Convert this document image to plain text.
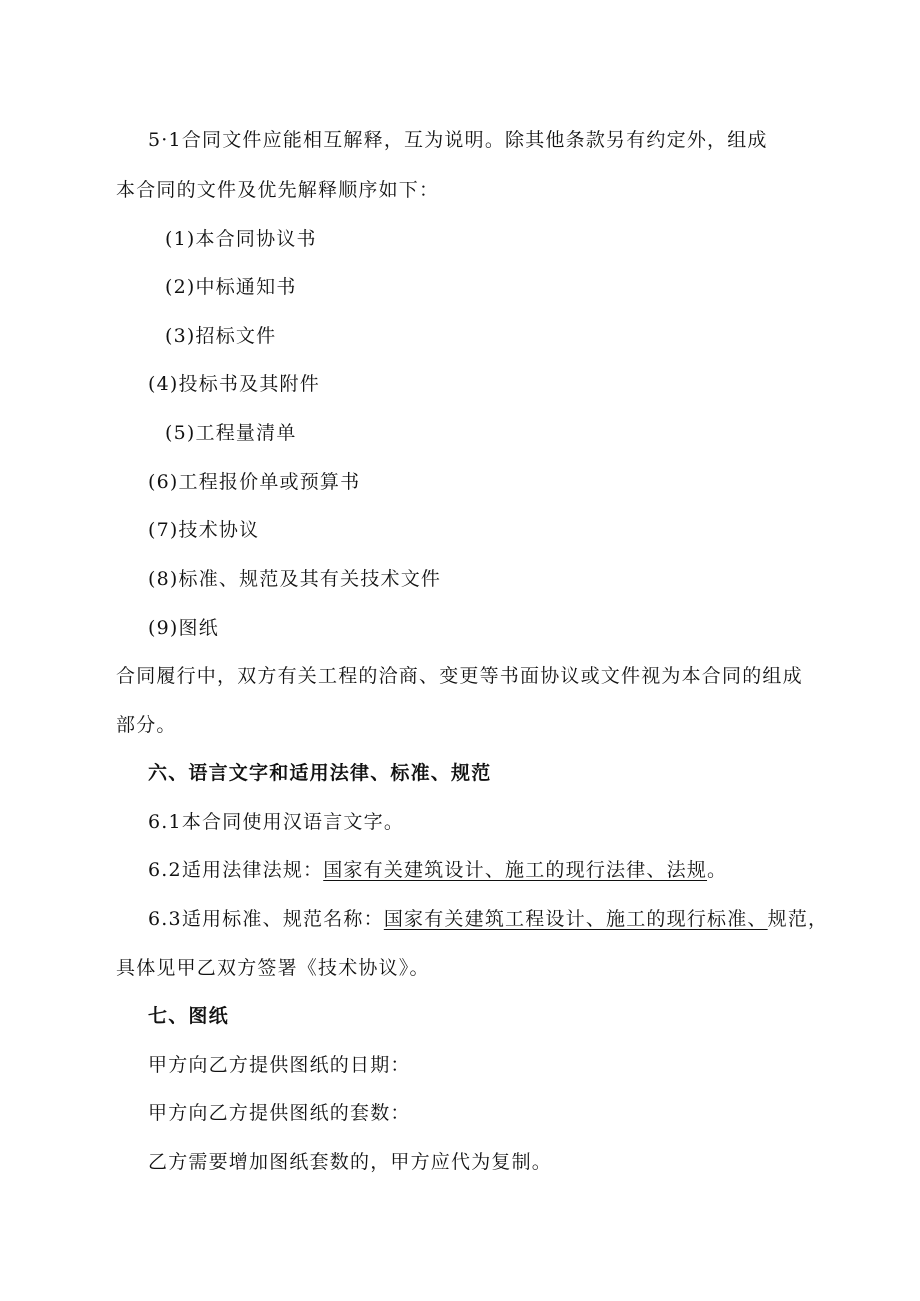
5·1合同文件应能相互解释，互为说明。除其他条款另有约定外，组成
本合同的文件及优先解释顺序如下：
(1)本合同协议书
(2)中标通知书
(3)招标文件
(4)投标书及其附件
(5)工程量清单
(6)工程报价单或预算书
(7)技术协议
(8)标准、规范及其有关技术文件
(9)图纸
合同履行中，双方有关工程的洽商、变更等书面协议或文件视为本合同的组成
部分。
六、语言文字和适用法律、标准、规范
6.1本合同使用汉语言文字。
6.2适用法律法规：国家有关建筑设计、施工的现行法律、法规。
6.3适用标准、规范名称：国家有关建筑工程设计、施工的现行标准、规范，
具体见甲乙双方签署《技术协议》。
七、图纸
甲方向乙方提供图纸的日期：
甲方向乙方提供图纸的套数：
乙方需要增加图纸套数的，甲方应代为复制。
